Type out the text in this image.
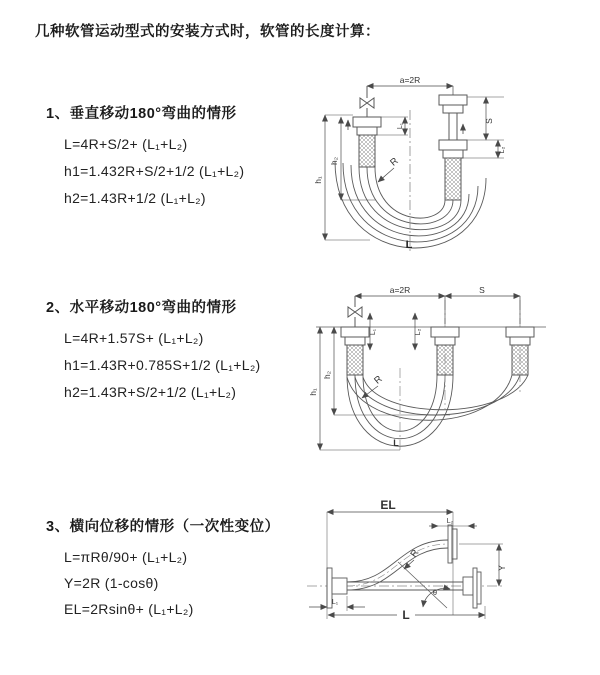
几种软管运动型式的安装方式时，软管的长度计算：
1、垂直移动180°弯曲的情形
L=4R+S/2+ (L₁+L₂)
h1=1.432R+S/2+1/2 (L₁+L₂)
h2=1.43R+1/2 (L₁+L₂)
2、水平移动180°弯曲的情形
L=4R+1.57S+ (L₁+L₂)
h1=1.43R+0.785S+1/2 (L₁+L₂)
h2=1.43R+S/2+1/2 (L₁+L₂)
3、横向位移的情形（一次性变位）
L=πRθ/90+ (L₁+L₂)
Y=2R (1-cosθ)
EL=2Rsinθ+ (L₁+L₂)
a=2R
h₁
h₂
L₁
S
L₂
R
L
a=2R	S
h₁
h₂
L₁	L₂
R
L
EL
L₂
Y
R
θ
L₁
L
